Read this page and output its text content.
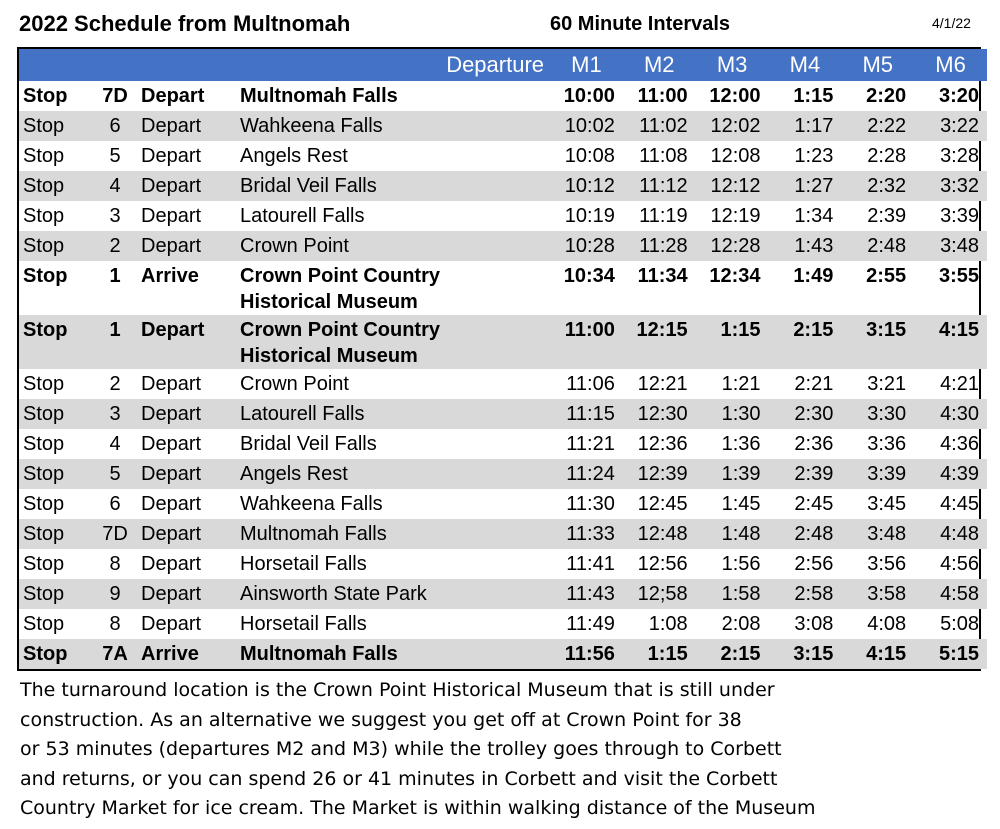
2022 Schedule from Multnomah	60 Minute Intervals	4/1/22
Departure				M1	M2	M3	M4	M5	M6
Stop	7D	Depart	Multnomah Falls	10:00	11:00	12:00	1:15	2:20	3:20
Stop	6	Depart	Wahkeena Falls	10:02	11:02	12:02	1:17	2:22	3:22
Stop	5	Depart	Angels Rest	10:08	11:08	12:08	1:23	2:28	3:28
Stop	4	Depart	Bridal Veil Falls	10:12	11:12	12:12	1:27	2:32	3:32
Stop	3	Depart	Latourell Falls	10:19	11:19	12:19	1:34	2:39	3:39
Stop	2	Depart	Crown Point	10:28	11:28	12:28	1:43	2:48	3:48
Stop	1	Arrive	Crown Point Country
Historical Museum	10:34	11:34	12:34	1:49	2:55	3:55
Stop	1	Depart	Crown Point Country
Historical Museum	11:00	12:15	1:15	2:15	3:15	4:15
Stop	2	Depart	Crown Point	11:06	12:21	1:21	2:21	3:21	4:21
Stop	3	Depart	Latourell Falls	11:15	12:30	1:30	2:30	3:30	4:30
Stop	4	Depart	Bridal Veil Falls	11:21	12:36	1:36	2:36	3:36	4:36
Stop	5	Depart	Angels Rest	11:24	12:39	1:39	2:39	3:39	4:39
Stop	6	Depart	Wahkeena Falls	11:30	12:45	1:45	2:45	3:45	4:45
Stop	7D	Depart	Multnomah Falls	11:33	12:48	1:48	2:48	3:48	4:48
Stop	8	Depart	Horsetail Falls	11:41	12:56	1:56	2:56	3:56	4:56
Stop	9	Depart	Ainsworth State Park	11:43	12;58	1:58	2:58	3:58	4:58
Stop	8	Depart	Horsetail Falls	11:49	1:08	2:08	3:08	4:08	5:08
Stop	7A	Arrive	Multnomah Falls	11:56	1:15	2:15	3:15	4:15	5:15
The turnaround location is the Crown Point Historical Museum that is still under
construction. As an alternative we suggest you get off at Crown Point for 38
or 53 minutes (departures M2 and M3) while the trolley goes through to Corbett
and returns, or you can spend 26 or 41 minutes in Corbett and visit the Corbett
Country Market for ice cream. The Market is within walking distance of the Museum
